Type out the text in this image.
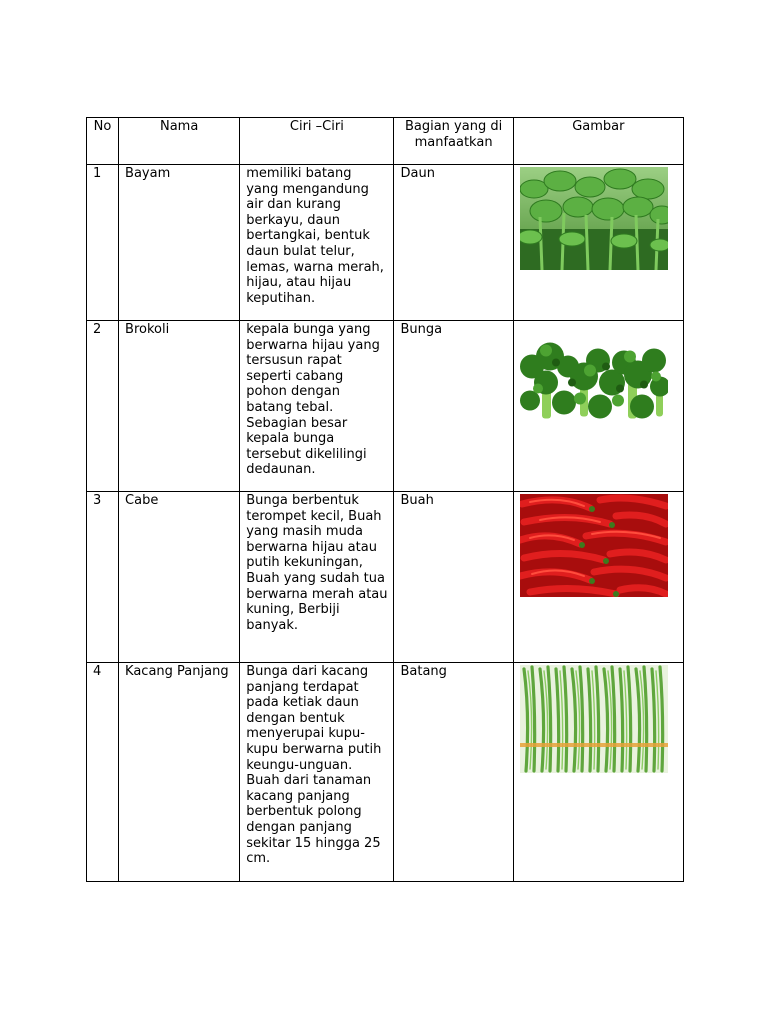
No	Nama	Ciri –Ciri	Bagian yang dimanfaatkan	Gambar
1	Bayam	memiliki batang yang mengandung air dan kurang berkayu, daun bertangkai, bentuk daun bulat telur, lemas, warna merah, hijau, atau hijau keputihan.	Daun	

2	Brokoli	kepala bunga yang berwarna hijau yang tersusun rapat seperti cabang pohon dengan batang tebal. Sebagian besar kepala bunga tersebut dikelilingi dedaunan.	Bunga	

3	Cabe	Bunga berbentuk terompet kecil, Buah yang masih muda berwarna hijau atau putih kekuningan, Buah yang sudah tua berwarna merah atau kuning, Berbiji banyak.	Buah	

4	Kacang Panjang	Bunga dari kacang panjang terdapat pada ketiak daun dengan bentuk menyerupai kupu-kupu berwarna putih keungu-unguan. Buah dari tanaman kacang panjang berbentuk polong dengan panjang sekitar 15 hingga 25 cm.	Batang	
